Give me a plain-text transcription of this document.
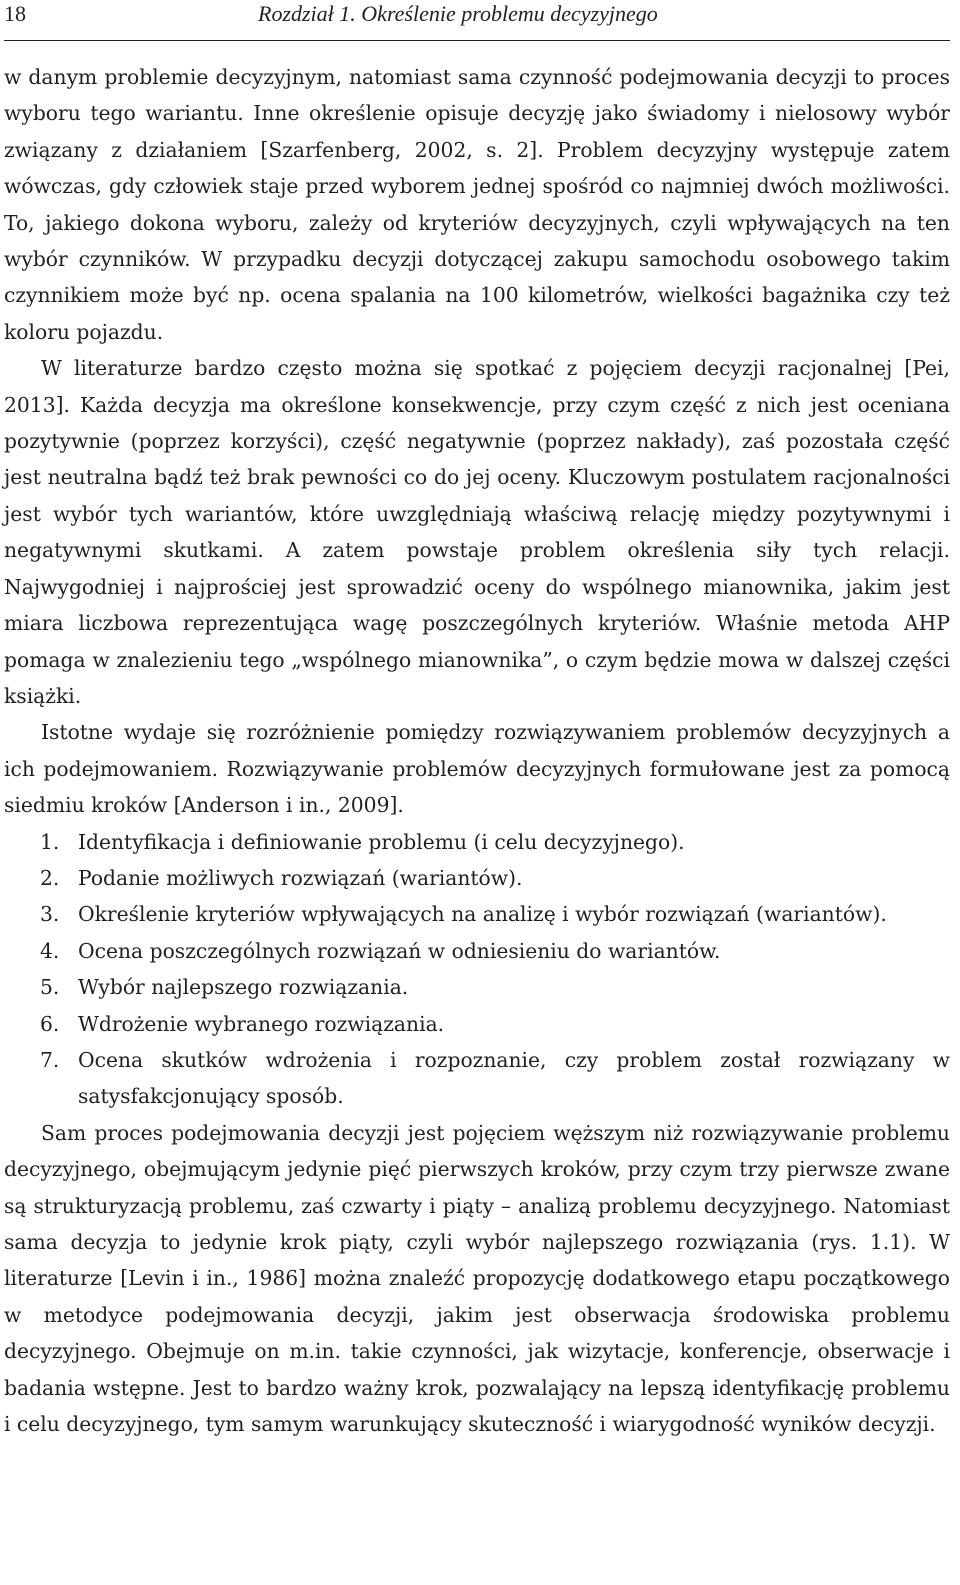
18	Rozdział 1. Określenie problemu decyzyjnego

w danym problemie decyzyjnym, natomiast sama czynność podejmowania decyzji to proces wyboru tego wariantu. Inne określenie opisuje decyzję jako świadomy i nielosowy wybór związany z działaniem [Szarfenberg, 2002, s. 2]. Problem decyzyjny występuje zatem wówczas, gdy człowiek staje przed wyborem jednej spośród co najmniej dwóch możliwości. To, jakiego dokona wyboru, zależy od kryteriów decyzyjnych, czyli wpływających na ten wybór czynników. W przypadku decyzji dotyczącej zakupu samochodu osobowego takim czynnikiem może być np. ocena spalania na 100 kilometrów, wielkości bagażnika czy też koloru pojazdu.

W literaturze bardzo często można się spotkać z pojęciem decyzji racjonalnej [Pei, 2013]. Każda decyzja ma określone konsekwencje, przy czym część z nich jest oceniana pozytywnie (poprzez korzyści), część negatywnie (poprzez nakłady), zaś pozostała część jest neutralna bądź też brak pewności co do jej oceny. Kluczowym postulatem racjonalności jest wybór tych wariantów, które uwzględniają właściwą relację między pozytywnymi i negatywnymi skutkami. A zatem powstaje problem określenia siły tych relacji. Najwygodniej i najprościej jest sprowadzić oceny do wspólnego mianownika, jakim jest miara liczbowa reprezentująca wagę poszczególnych kryteriów. Właśnie metoda AHP pomaga w znalezieniu tego „wspólnego mianownika”, o czym będzie mowa w dalszej części książki.

Istotne wydaje się rozróżnienie pomiędzy rozwiązywaniem problemów decyzyjnych a ich podejmowaniem. Rozwiązywanie problemów decyzyjnych formułowane jest za pomocą siedmiu kroków [Anderson i in., 2009].

1. Identyfikacja i definiowanie problemu (i celu decyzyjnego).
2. Podanie możliwych rozwiązań (wariantów).
3. Określenie kryteriów wpływających na analizę i wybór rozwiązań (wariantów).
4. Ocena poszczególnych rozwiązań w odniesieniu do wariantów.
5. Wybór najlepszego rozwiązania.
6. Wdrożenie wybranego rozwiązania.
7. Ocena skutków wdrożenia i rozpoznanie, czy problem został rozwiązany w satysfakcjonujący sposób.

Sam proces podejmowania decyzji jest pojęciem węższym niż rozwiązywanie problemu decyzyjnego, obejmującym jedynie pięć pierwszych kroków, przy czym trzy pierwsze zwane są strukturyzacją problemu, zaś czwarty i piąty – analizą problemu decyzyjnego. Natomiast sama decyzja to jedynie krok piąty, czyli wybór najlepszego rozwiązania (rys. 1.1). W literaturze [Levin i in., 1986] można znaleźć propozycję dodatkowego etapu początkowego w metodyce podejmowania decyzji, jakim jest obserwacja środowiska problemu decyzyjnego. Obejmuje on m.in. takie czynności, jak wizytacje, konferencje, obserwacje i badania wstępne. Jest to bardzo ważny krok, pozwalający na lepszą identyfikację problemu i celu decyzyjnego, tym samym warunkujący skuteczność i wiarygodność wyników decyzji.
